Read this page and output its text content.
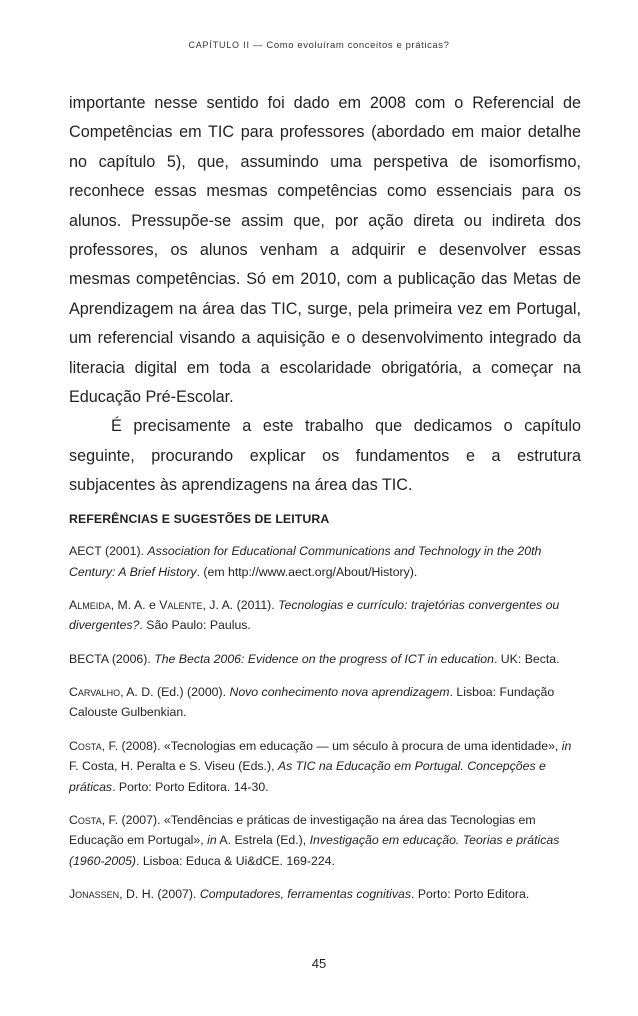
CAPÍTULO II — Como evoluíram conceitos e práticas?

importante nesse sentido foi dado em 2008 com o Referencial de Competências em TIC para professores (abordado em maior detalhe no capítulo 5), que, assumindo uma perspetiva de isomorfismo, reconhece essas mesmas competências como essenciais para os alunos. Pressupõe-se assim que, por ação direta ou indireta dos professores, os alunos venham a adquirir e desenvolver essas mesmas competências. Só em 2010, com a publicação das Metas de Aprendizagem na área das TIC, surge, pela primeira vez em Portugal, um referencial visando a aquisição e o desenvolvimento integrado da literacia digital em toda a escolaridade obrigatória, a começar na Educação Pré-Escolar.

É precisamente a este trabalho que dedicamos o capítulo seguinte, procurando explicar os fundamentos e a estrutura subjacentes às aprendizagens na área das TIC.

REFERÊNCIAS E SUGESTÕES DE LEITURA
AECT (2001). Association for Educational Communications and Technology in the 20th Century: A Brief History. (em http://www.aect.org/About/History).
Almeida, M. A. e Valente, J. A. (2011). Tecnologias e currículo: trajetórias convergentes ou divergentes?. São Paulo: Paulus.
BECTA (2006). The Becta 2006: Evidence on the progress of ICT in education. UK: Becta.
Carvalho, A. D. (Ed.) (2000). Novo conhecimento nova aprendizagem. Lisboa: Fundação Calouste Gulbenkian.
Costa, F. (2008). «Tecnologias em educação — um século à procura de uma identidade», in F. Costa, H. Peralta e S. Viseu (Eds.), As TIC na Educação em Portugal. Concepções e práticas. Porto: Porto Editora. 14-30.
Costa, F. (2007). «Tendências e práticas de investigação na área das Tecnologias em Educação em Portugal», in A. Estrela (Ed.), Investigação em educação. Teorias e práticas (1960-2005). Lisboa: Educa & Ui&dCE. 169-224.
Jonassen, D. H. (2007). Computadores, ferramentas cognitivas. Porto: Porto Editora.
45
